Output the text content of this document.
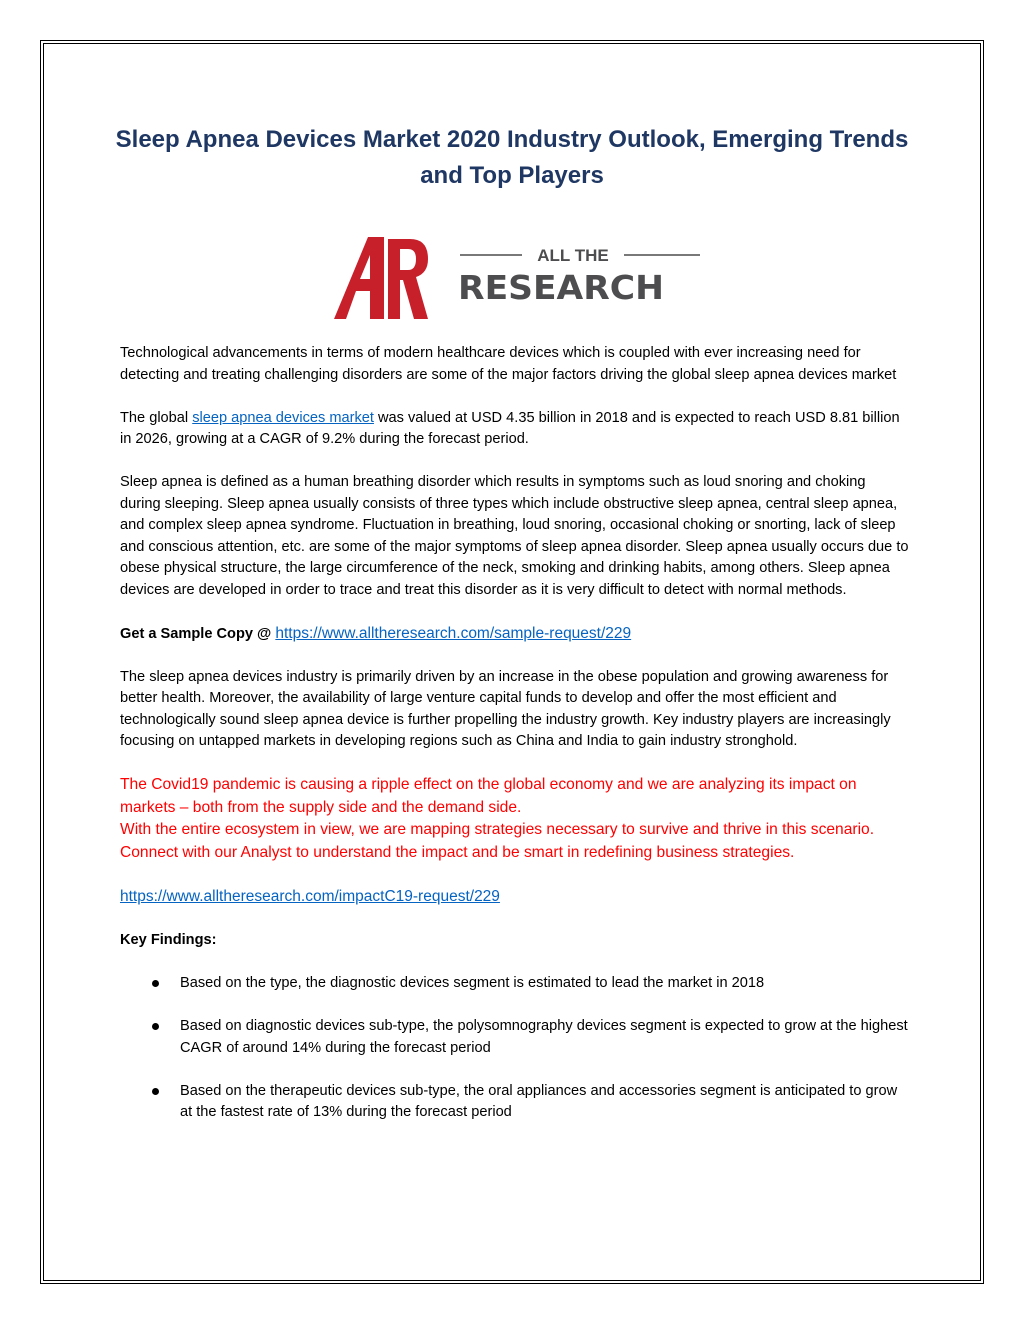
Sleep Apnea Devices Market 2020 Industry Outlook, Emerging Trends and Top Players
ALL THE
RESEARCH

Technological advancements in terms of modern healthcare devices which is coupled with ever increasing need for detecting and treating challenging disorders are some of the major factors driving the global sleep apnea devices market

The global sleep apnea devices market was valued at USD 4.35 billion in 2018 and is expected to reach USD 8.81 billion in 2026, growing at a CAGR of 9.2% during the forecast period.

Sleep apnea is defined as a human breathing disorder which results in symptoms such as loud snoring and choking during sleeping. Sleep apnea usually consists of three types which include obstructive sleep apnea, central sleep apnea, and complex sleep apnea syndrome. Fluctuation in breathing, loud snoring, occasional choking or snorting, lack of sleep and conscious attention, etc. are some of the major symptoms of sleep apnea disorder. Sleep apnea usually occurs due to obese physical structure, the large circumference of the neck, smoking and drinking habits, among others. Sleep apnea devices are developed in order to trace and treat this disorder as it is very difficult to detect with normal methods.

Get a Sample Copy @ https://www.alltheresearch.com/sample-request/229

The sleep apnea devices industry is primarily driven by an increase in the obese population and growing awareness for better health. Moreover, the availability of large venture capital funds to develop and offer the most efficient and technologically sound sleep apnea device is further propelling the industry growth. Key industry players are increasingly focusing on untapped markets in developing regions such as China and India to gain industry stronghold.

The Covid19 pandemic is causing a ripple effect on the global economy and we are analyzing its impact on markets – both from the supply side and the demand side.
With the entire ecosystem in view, we are mapping strategies necessary to survive and thrive in this scenario.
Connect with our Analyst to understand the impact and be smart in redefining business strategies.

https://www.alltheresearch.com/impactC19-request/229

Key Findings:

Based on the type, the diagnostic devices segment is estimated to lead the market in 2018
Based on diagnostic devices sub-type, the polysomnography devices segment is expected to grow at the highest CAGR of around 14% during the forecast period
Based on the therapeutic devices sub-type, the oral appliances and accessories segment is anticipated to grow at the fastest rate of 13% during the forecast period
